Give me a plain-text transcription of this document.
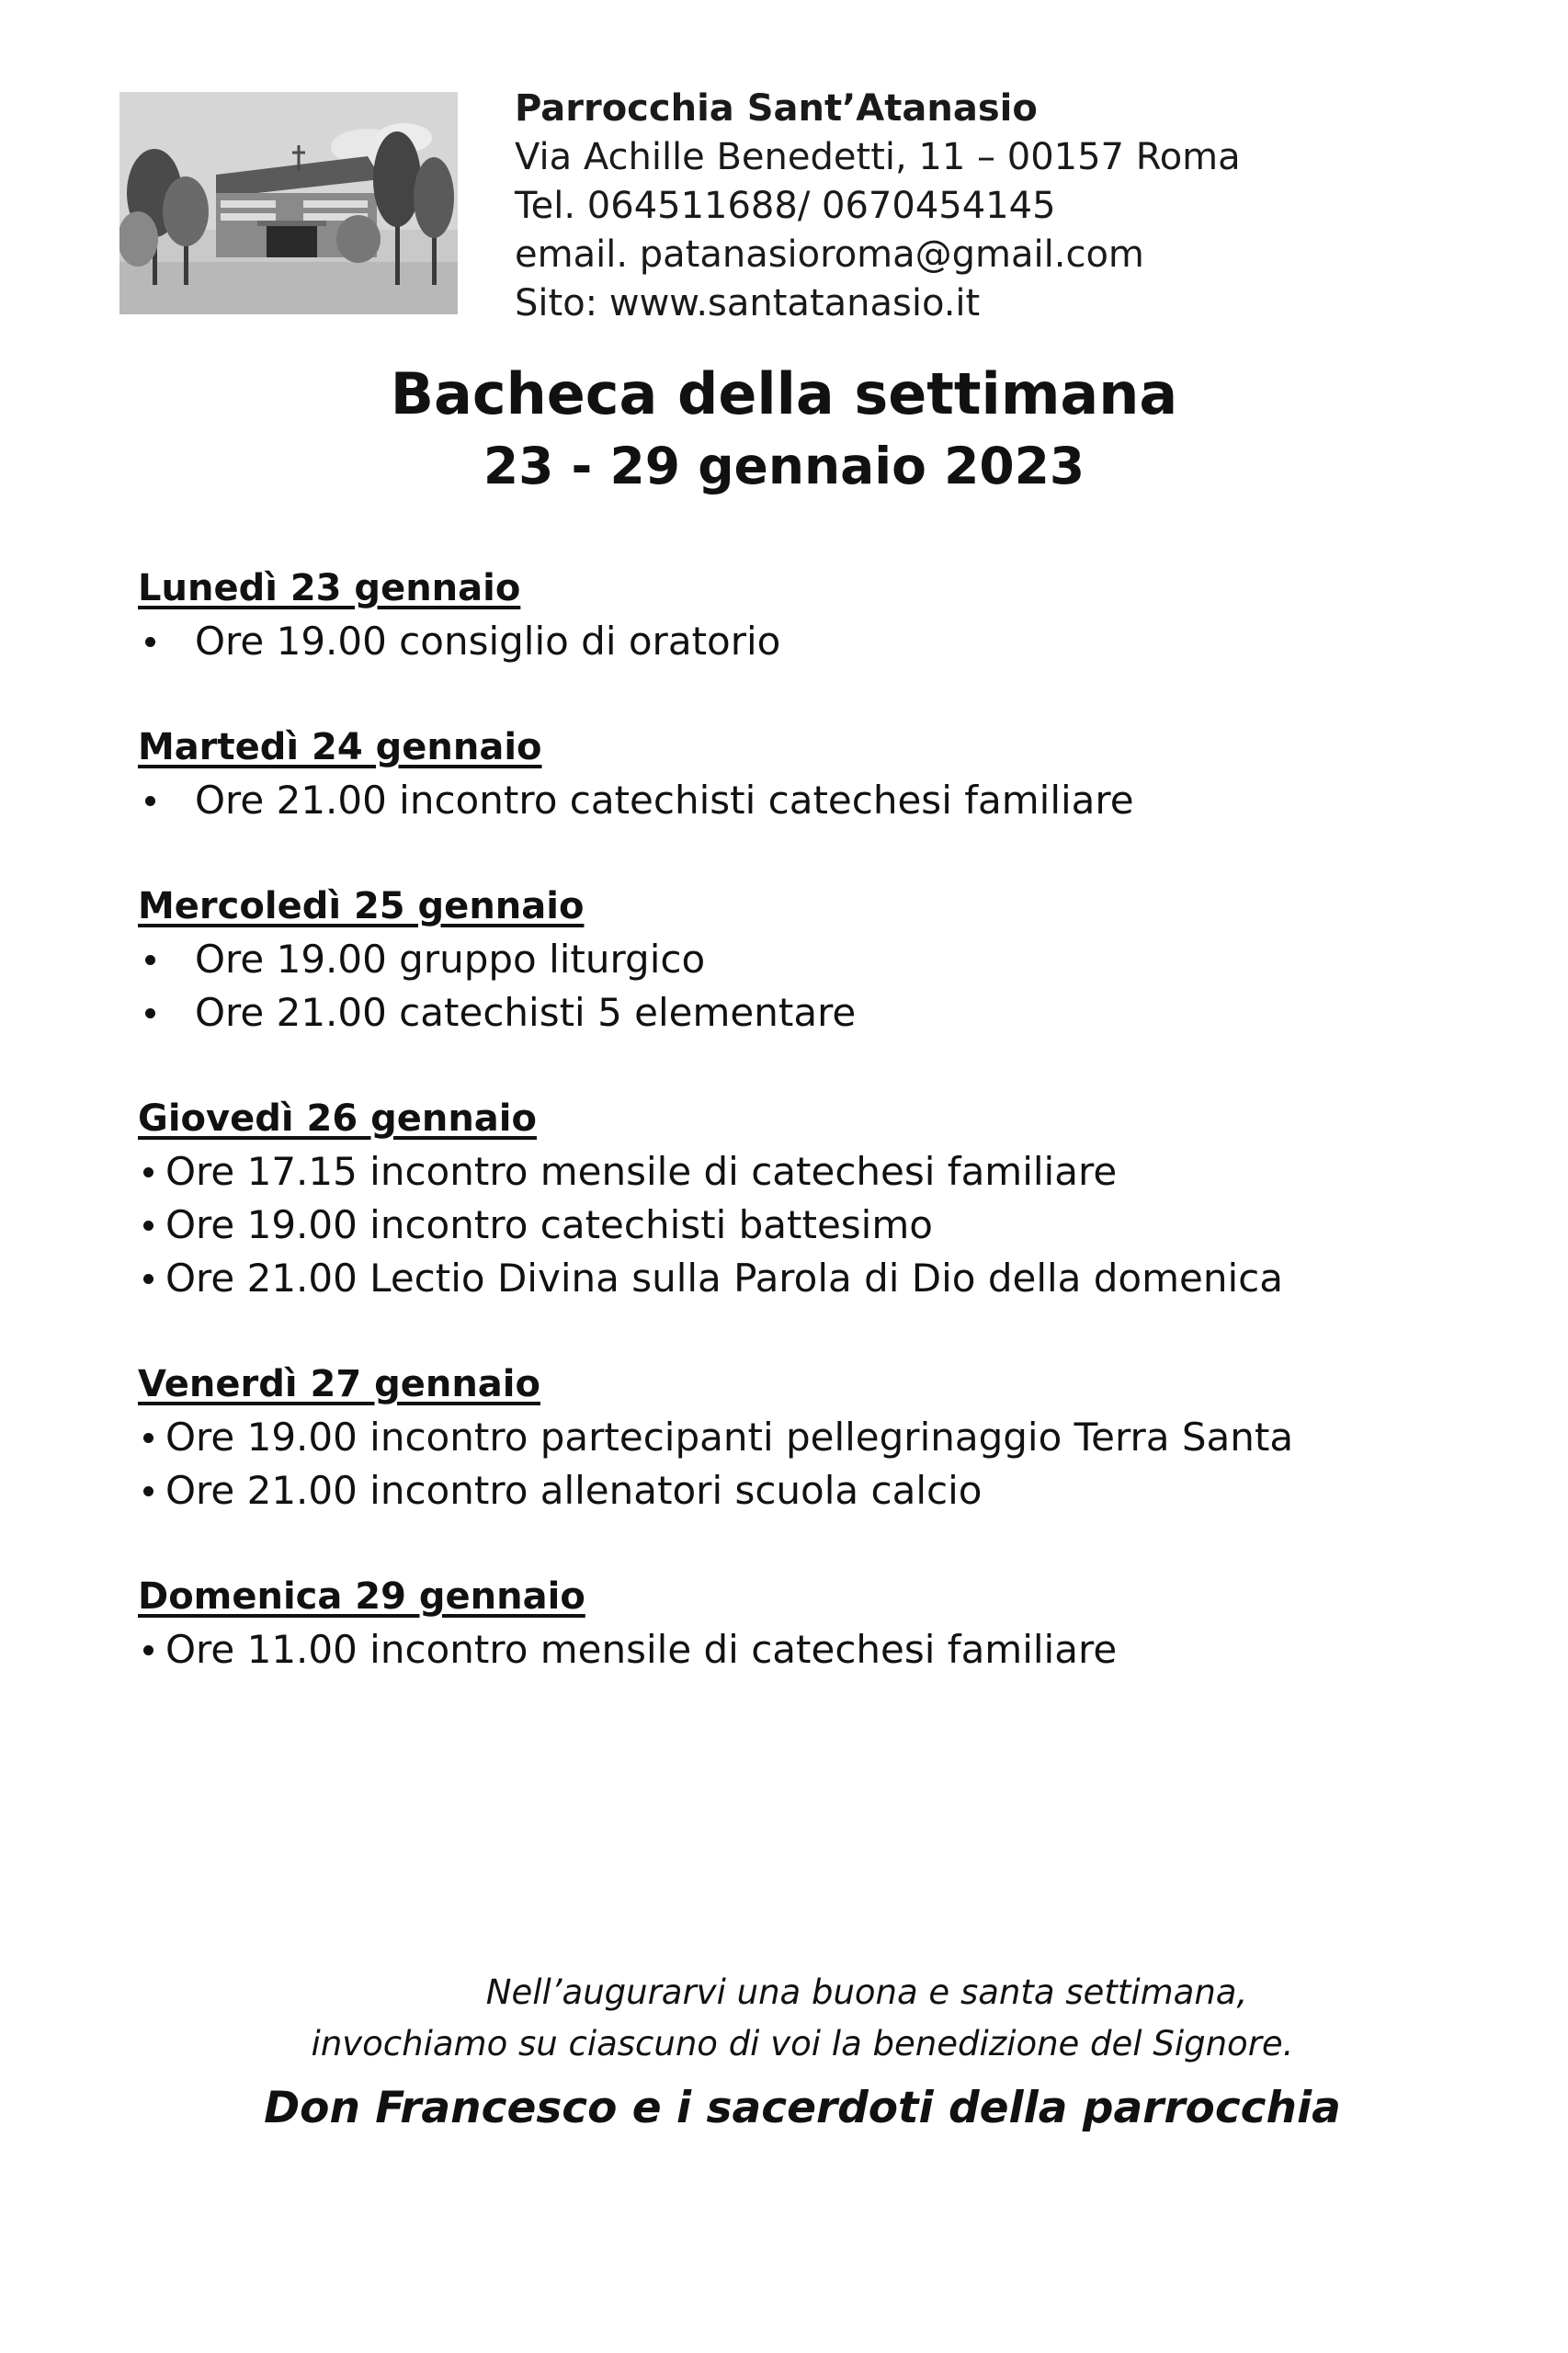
Parrocchia Sant’Atanasio
Via Achille Benedetti, 11 – 00157 Roma
Tel. 064511688/ 0670454145
email. patanasioroma@gmail.com
Sito: www.santatanasio.it
Bacheca della settimana
23 - 29 gennaio 2023
Lunedì 23 gennaio
Ore 19.00 consiglio di oratorio
Martedì 24 gennaio
Ore 21.00 incontro catechisti catechesi familiare
Mercoledì 25 gennaio
Ore 19.00 gruppo liturgico
Ore 21.00 catechisti 5 elementare
Giovedì 26 gennaio
Ore 17.15 incontro mensile di catechesi familiare
Ore 19.00 incontro catechisti battesimo
Ore 21.00 Lectio Divina sulla Parola di Dio della domenica
Venerdì 27 gennaio
Ore 19.00 incontro partecipanti pellegrinaggio Terra Santa
Ore 21.00 incontro allenatori scuola calcio
Domenica 29 gennaio
Ore 11.00 incontro mensile di catechesi familiare
Nell’augurarvi una buona e santa settimana,
invochiamo su ciascuno di voi la benedizione del Signore.
Don Francesco e i sacerdoti della parrocchia
